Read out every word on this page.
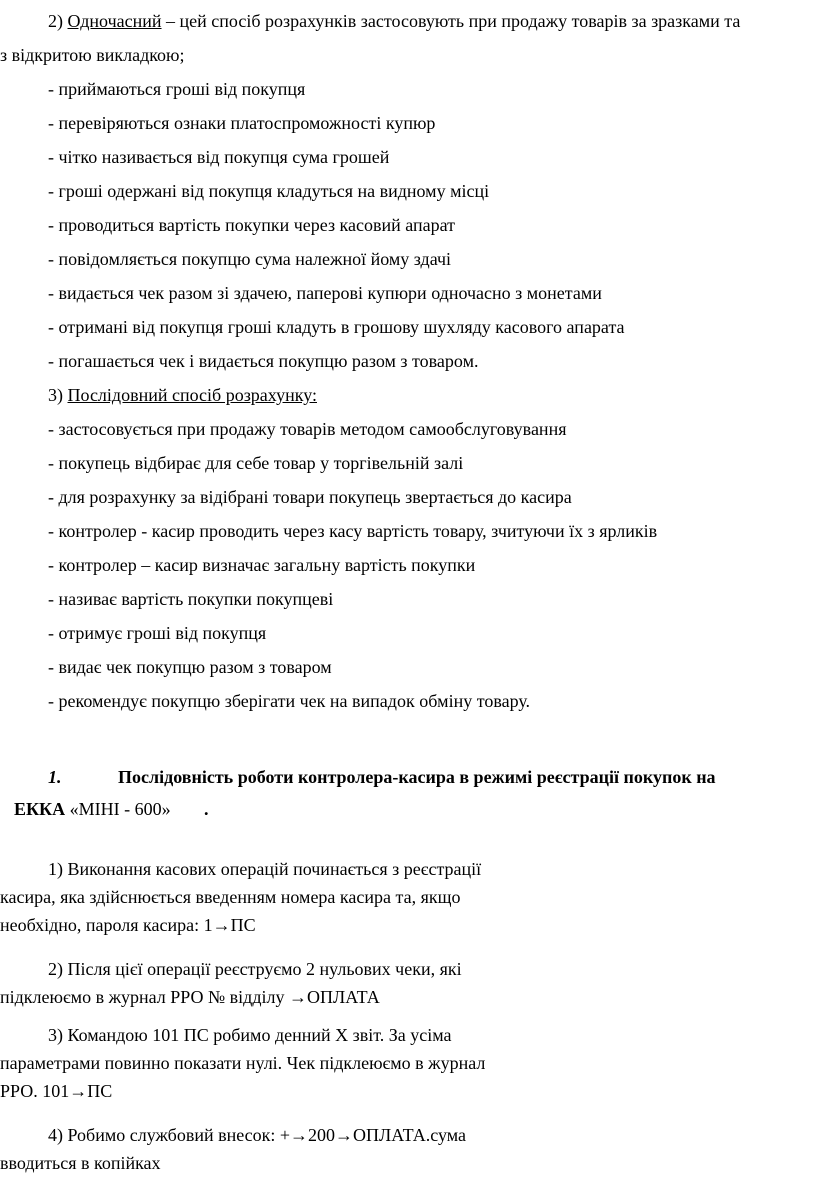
2) Одночасний – цей спосіб розрахунків застосовують при продажу товарів за зразками та
з відкритою викладкою;
- приймаються гроші від покупця
- перевіряються ознаки платоспроможності купюр
- чітко називається від покупця сума грошей
- гроші одержані від покупця кладуться на видному місці
- проводиться вартість покупки через касовий апарат
- повідомляється покупцю сума належної йому здачі
- видається чек разом зі здачею, паперові купюри одночасно з монетами
- отримані від покупця гроші кладуть в грошову шухляду касового апарата
- погашається чек і видається покупцю разом з товаром.
3) Послідовний спосіб розрахунку:
- застосовується при продажу товарів методом самообслуговування
- покупець відбирає для себе товар у торгівельній залі
- для розрахунку за відібрані товари покупець звертається до касира
- контролер - касир проводить через касу вартість товару, зчитуючи їх з ярликів
- контролер – касир визначає загальну вартість покупки
- називає вартість покупки покупцеві
- отримує гроші від покупця
- видає чек покупцю разом з товаром
- рекомендує покупцю зберігати чек на випадок обміну товару.
1.	Послідовність роботи контролера-касира в режимі реєстрації покупок на
ЕККА «МІНІ - 600» .
1) Виконання касових операцій починається з реєстрації
касира, яка здійснюється введенням номера касира та, якщо
необхідно, пароля касира: 1→ПС
2) Після цієї операції реєструємо 2 нульових чеки, які
підклеюємо в журнал РРО № відділу →ОПЛАТА
3) Командою 101 ПС робимо денний Х звіт. За усіма
параметрами повинно показати нулі. Чек підклеюємо в журнал
РРО. 101→ПС
4) Робимо службовий внесок: +→200→ОПЛАТА.сума
вводиться в копійках
